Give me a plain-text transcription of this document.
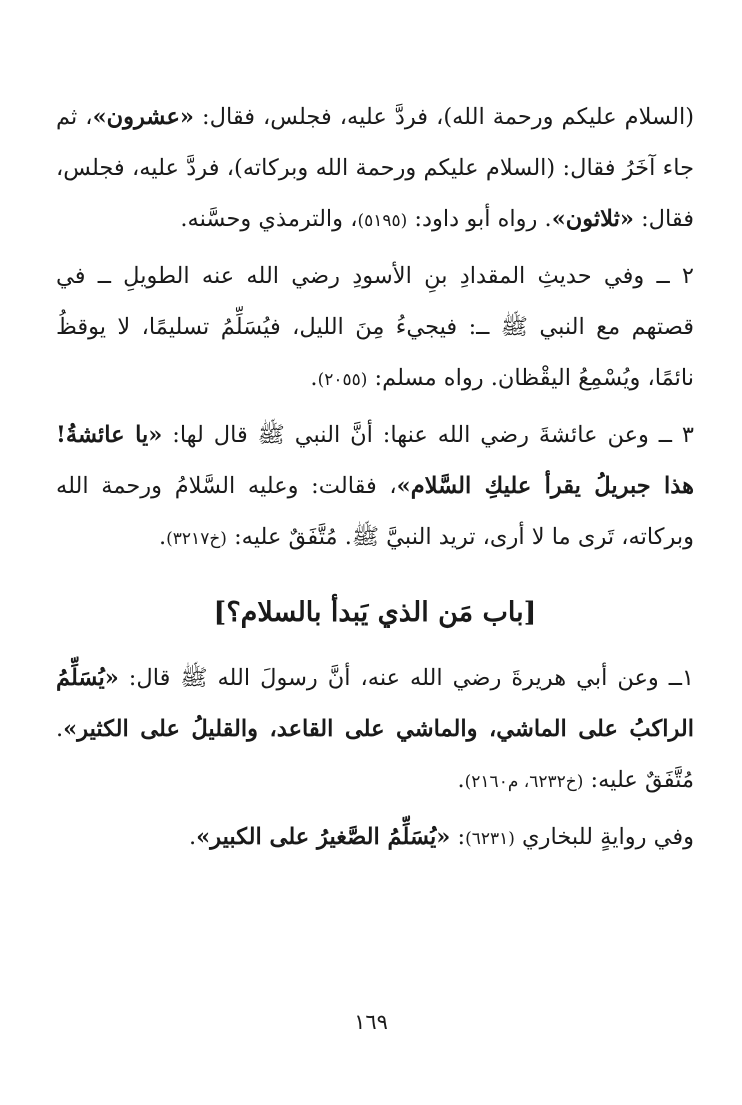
(السلام عليكم ورحمة الله)، فردَّ عليه، فجلس، فقال: «عشرون»، ثم جاء آخَرُ فقال: (السلام عليكم ورحمة الله وبركاته)، فردَّ عليه، فجلس، فقال: «ثلاثون». رواه أبو داود: (٥١٩٥)، والترمذي وحسَّنه.

٢ ــ وفي حديثِ المقدادِ بنِ الأسودِ رضي الله عنه الطويلِ ــ في قصتهم مع النبي ﷺ ــ: فيجيءُ مِنَ الليل، فيُسَلِّمُ تسليمًا، لا يوقظُ نائمًا، ويُسْمِعُ اليقْظان. رواه مسلم: (٢٠٥٥).

٣ ــ وعن عائشةَ رضي الله عنها: أنَّ النبي ﷺ قال لها: «يا عائشةُ! هذا جبريلُ يقرأ عليكِ السَّلام»، فقالت: وعليه السَّلامُ ورحمة الله وبركاته، تَرى ما لا أرى، تريد النبيَّ ﷺ. مُتَّفَقٌ عليه: (خ٣٢١٧).

[باب مَن الذي يَبدأ بالسلام؟]

١ــ وعن أبي هريرةَ رضي الله عنه، أنَّ رسولَ الله ﷺ قال: «يُسَلِّمُ الراكبُ على الماشي، والماشي على القاعد، والقليلُ على الكثير». مُتَّفَقٌ عليه: (خ٦٢٣٢، م٢١٦٠).

وفي روايةٍ للبخاري (٦٢٣١): «يُسَلِّمُ الصَّغيرُ على الكبير».

١٦٩
